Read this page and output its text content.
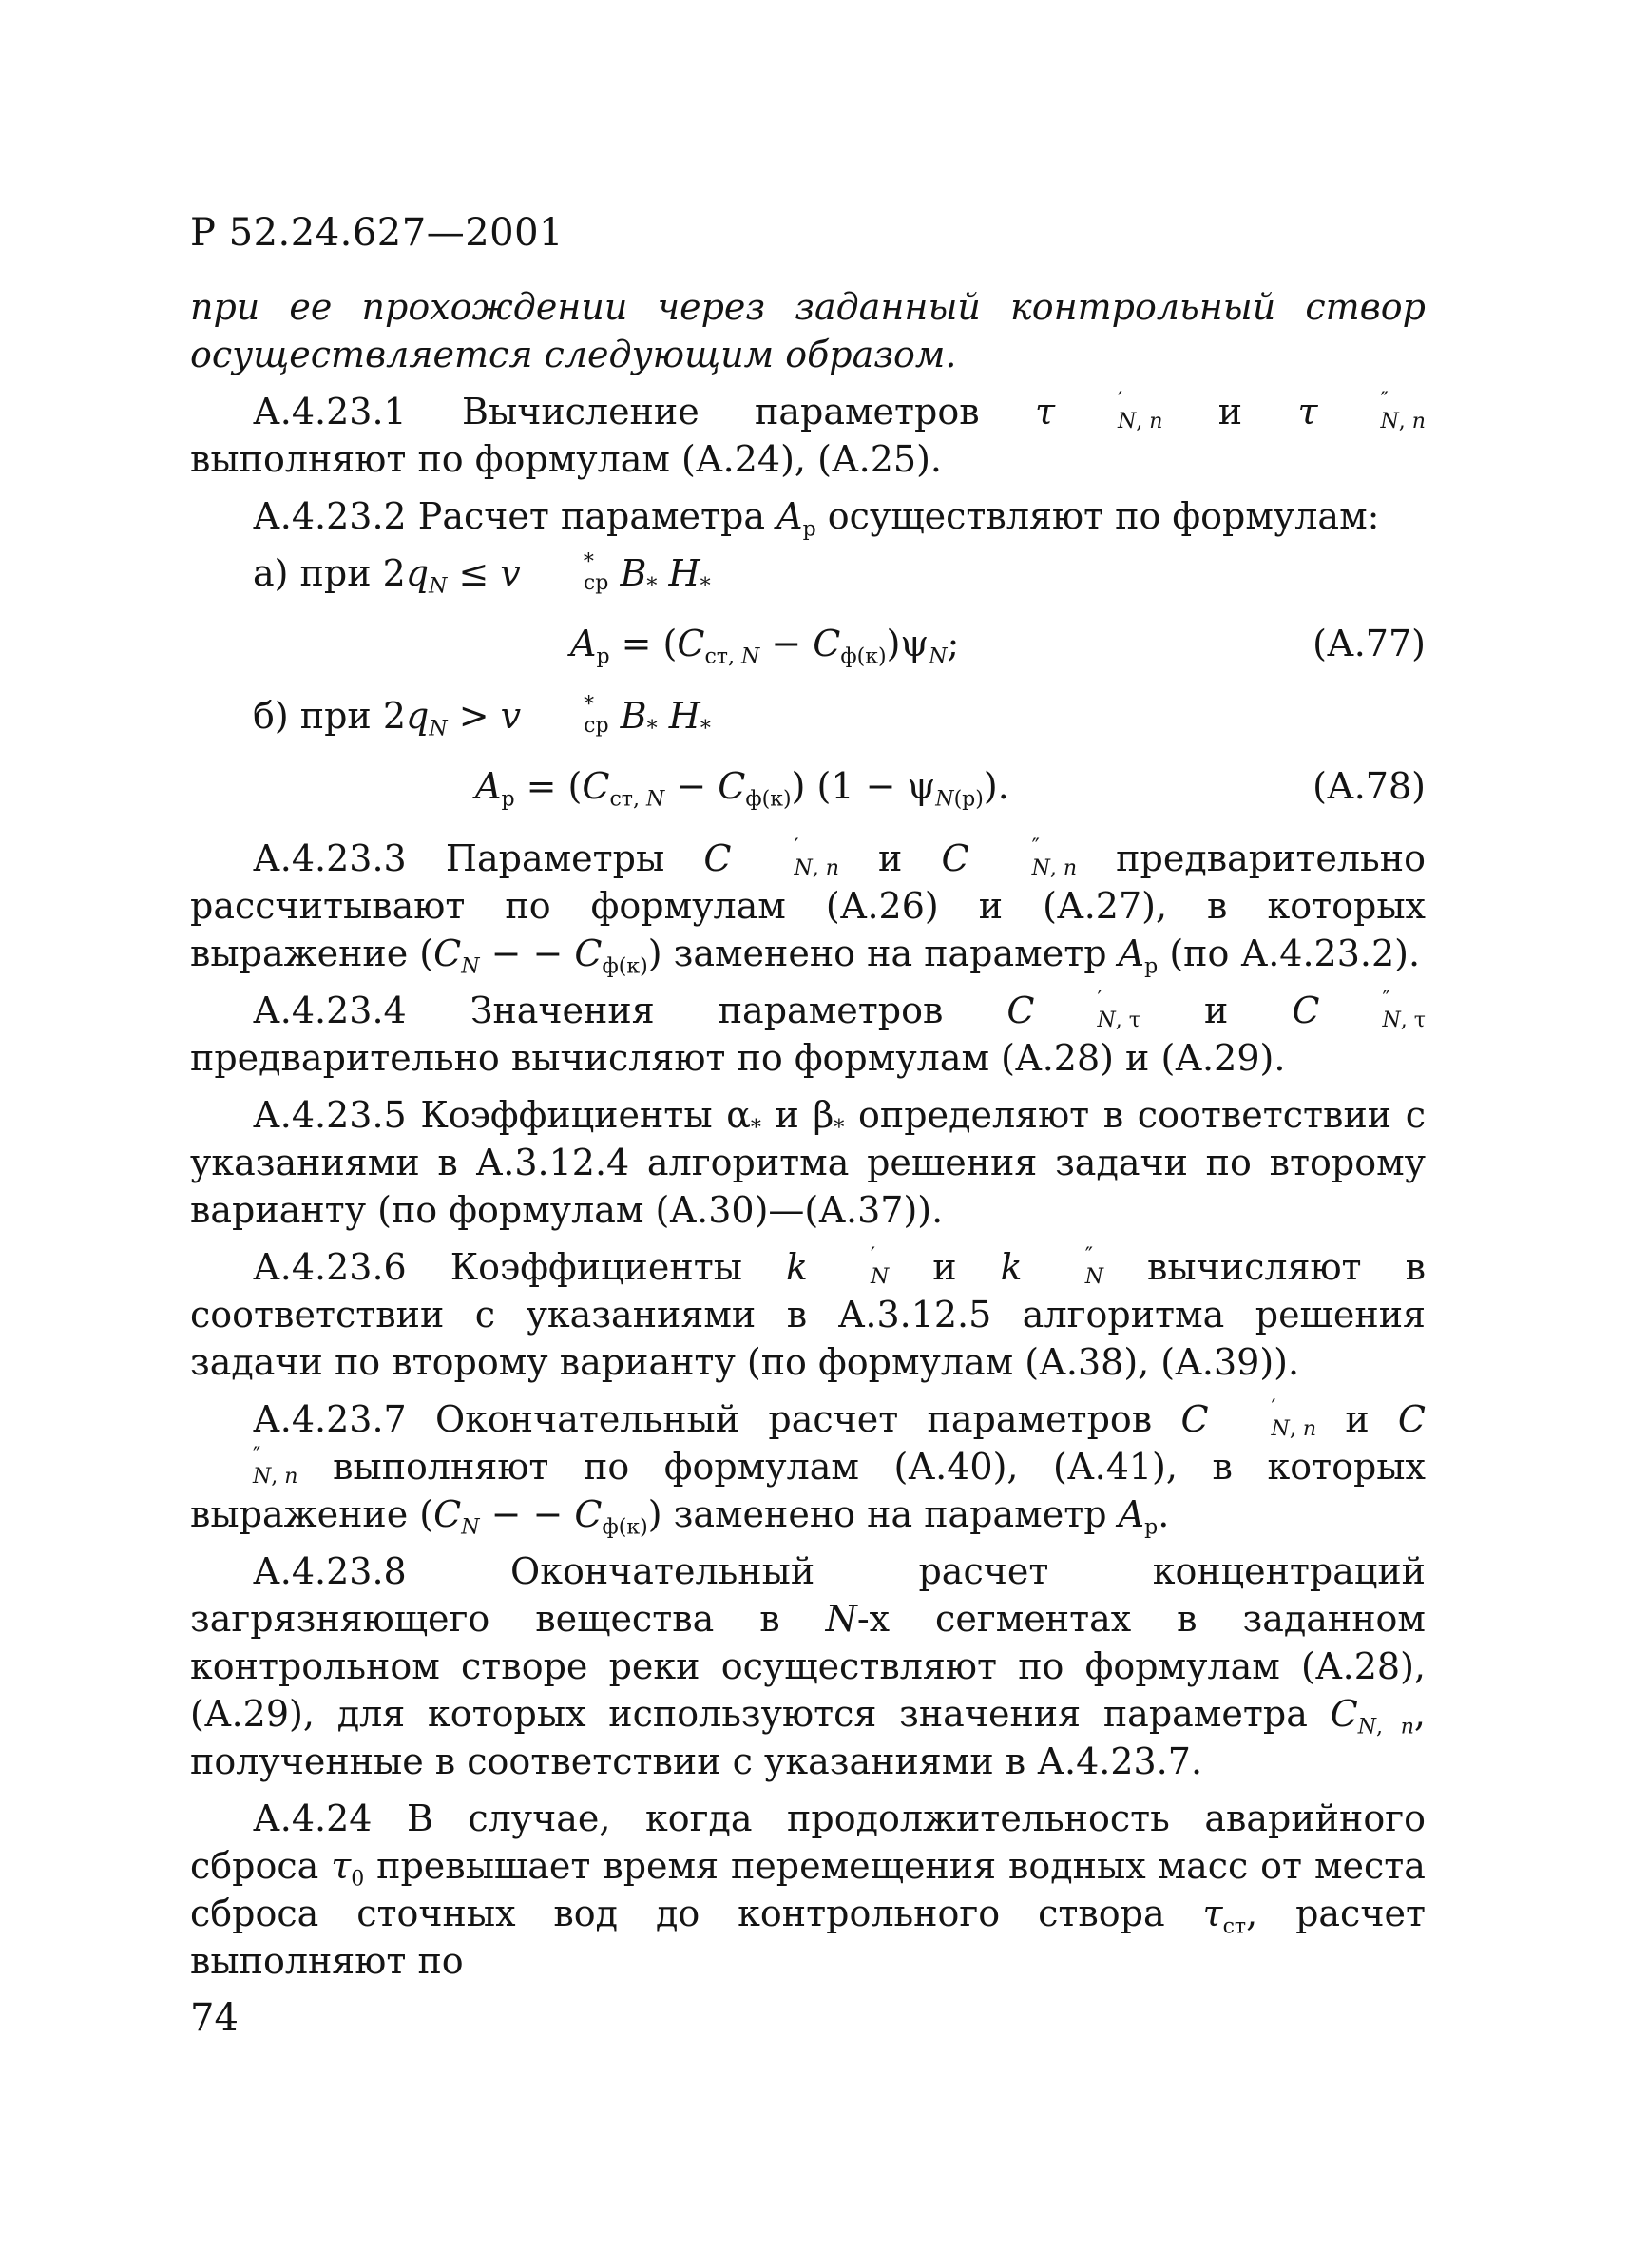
Р 52.24.627—2001

при ее прохождении через заданный контрольный створ осуществляется следующим образом.

А.4.23.1 Вычисление параметров τ	′
N, n и τ	″
N, n
выполняют по формулам (А.24), (А.25).

А.4.23.2 Расчет параметра $A_р$ осуществляют по формулам:

а) при $2q_N \le v$	*
ср $B_*$ $H_*$

$A_р = (C_{ст, N} - C_{ф(к)})\psi_N$;	(А.77)

б) при $2q_N > v$	*
ср $B_*$ $H_*$

$A_р = (C_{ст, N} - C_{ф(к)}) (1 - \psi_{N(р)})$.	(А.78)

А.4.23.3 Параметры C	′
N, n и C	″
N, n предварительно рассчитывают по формулам (А.26) и (А.27), в которых выражение ($C_N$ − − $C_{ф(к)}$) заменено на параметр $A_р$ (по А.4.23.2).

А.4.23.4 Значения параметров C	′
N, τ и C	″
N, τ
предварительно вычисляют по формулам (А.28) и (А.29).

А.4.23.5 Коэффициенты $\alpha_*$ и $\beta_*$ определяют в соответствии с указаниями в А.3.12.4 алгоритма решения задачи по второму варианту (по формулам (А.30)—(А.37)).

А.4.23.6 Коэффициенты k	′
N и k	″
N вычисляют в соответствии с указаниями в А.3.12.5 алгоритма решения задачи по второму варианту (по формулам (А.38), (А.39)).

А.4.23.7 Окончательный расчет параметров C	′
N, n и C
″
N, n выполняют по формулам (А.40), (А.41), в которых выражение ($C_N$ − − $C_{ф(к)}$) заменено на параметр $A_р$.

А.4.23.8 Окончательный расчет концентраций загрязняющего вещества в N-х сегментах в заданном контрольном створе реки осуществляют по формулам (А.28), (А.29), для которых используются значения параметра $C_{N, n}$, полученные в соответствии с указаниями в А.4.23.7.

А.4.24 В случае, когда продолжительность аварийного сброса $\tau_0$ превышает время перемещения водных масс от места сброса сточных вод до контрольного створа $\tau_{ст}$, расчет выполняют по

74
